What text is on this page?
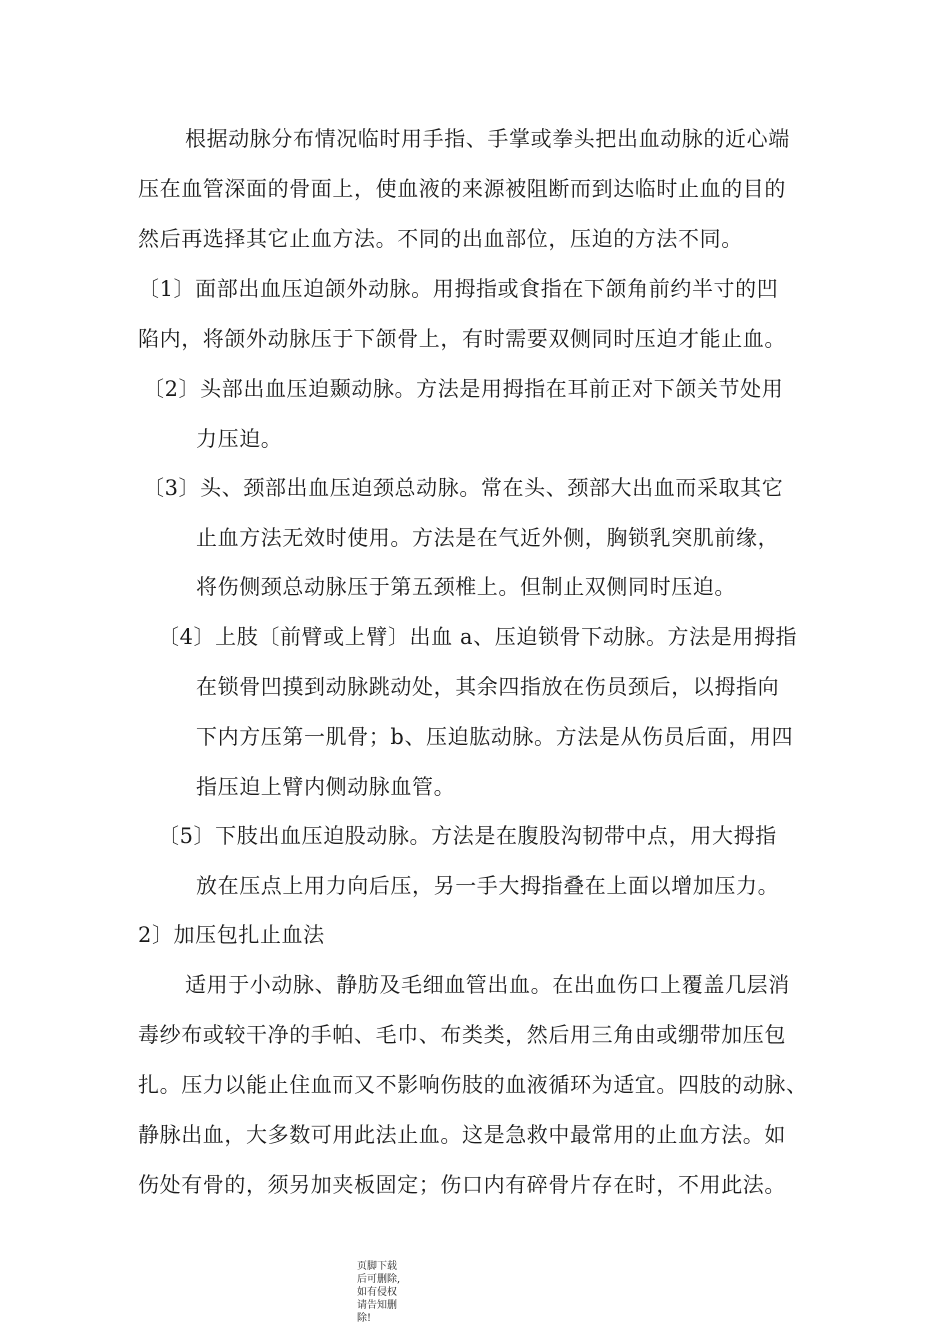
根据动脉分布情况临时用手指、手掌或拳头把出血动脉的近心端
压在血管深面的骨面上，使血液的来源被阻断而到达临时止血的目的
然后再选择其它止血方法。不同的出血部位，压迫的方法不同。
〔1〕面部出血压迫颌外动脉。用拇指或食指在下颌角前约半寸的凹
陷内，将颌外动脉压于下颌骨上，有时需要双侧同时压迫才能止血。
〔2〕头部出血压迫颞动脉。方法是用拇指在耳前正对下颌关节处用
力压迫。
〔3〕头、颈部出血压迫颈总动脉。常在头、颈部大出血而采取其它
止血方法无效时使用。方法是在气近外侧，胸锁乳突肌前缘，
将伤侧颈总动脉压于第五颈椎上。但制止双侧同时压迫。
〔4〕上肢〔前臂或上臂〕出血 a、压迫锁骨下动脉。方法是用拇指
在锁骨凹摸到动脉跳动处，其余四指放在伤员颈后，以拇指向
下内方压第一肌骨；b、压迫肱动脉。方法是从伤员后面，用四
指压迫上臂内侧动脉血管。
〔5〕下肢出血压迫股动脉。方法是在腹股沟韧带中点，用大拇指
放在压点上用力向后压，另一手大拇指叠在上面以增加压力。
2〕加压包扎止血法
适用于小动脉、静肪及毛细血管出血。在出血伤口上覆盖几层消
毒纱布或较干净的手帕、毛巾、布类类，然后用三角由或绷带加压包
扎。压力以能止住血而又不影响伤肢的血液循环为适宜。四肢的动脉、
静脉出血，大多数可用此法止血。这是急救中最常用的止血方法。如
伤处有骨的，须另加夹板固定；伤口内有碎骨片存在时，不用此法。
页脚下载后可删除,如有侵权请告知删除!
